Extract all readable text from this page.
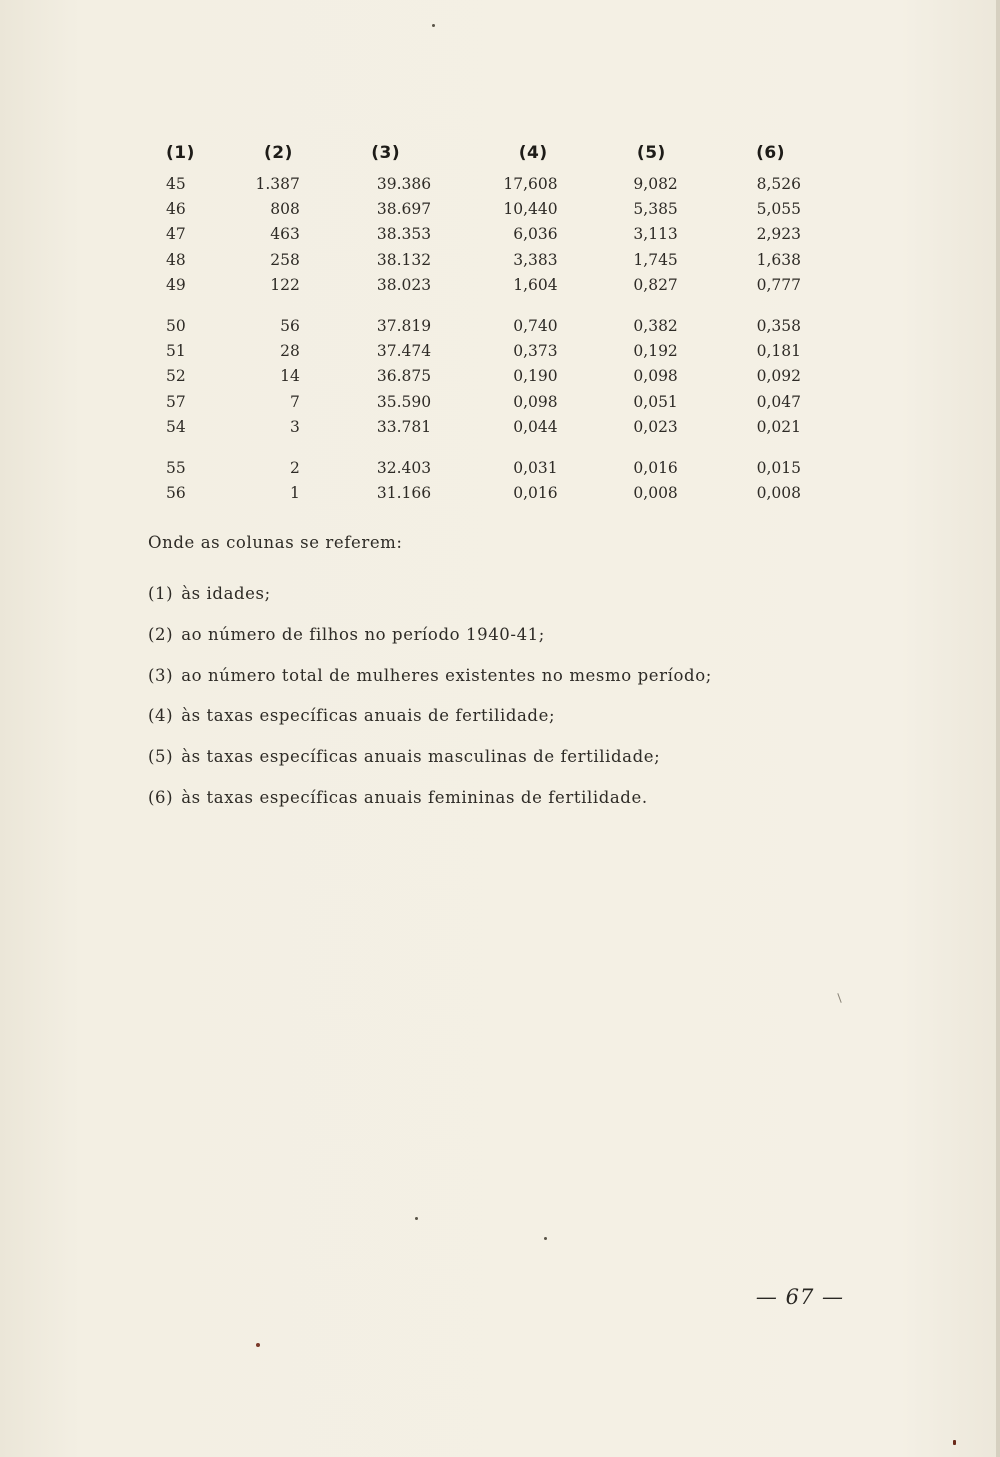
(1)	(2)	(3)	(4)	(5)	(6)
45	1.387	39.386	17,608	9,082	8,526
46	808	38.697	10,440	5,385	5,055
47	463	38.353	6,036	3,113	2,923
48	258	38.132	3,383	1,745	1,638
49	122	38.023	1,604	0,827	0,777
50	56	37.819	0,740	0,382	0,358
51	28	37.474	0,373	0,192	0,181
52	14	36.875	0,190	0,098	0,092
57	7	35.590	0,098	0,051	0,047
54	3	33.781	0,044	0,023	0,021
55	2	32.403	0,031	0,016	0,015
56	1	31.166	0,016	0,008	0,008

Onde as colunas se referem:

(1) às idades;

(2) ao número de filhos no período 1940-41;

(3) ao número total de mulheres existentes no mesmo período;

(4) às taxas específicas anuais de fertilidade;

(5) às taxas específicas anuais masculinas de fertilidade;

(6) às taxas específicas anuais femininas de fertilidade.

— 67 —
